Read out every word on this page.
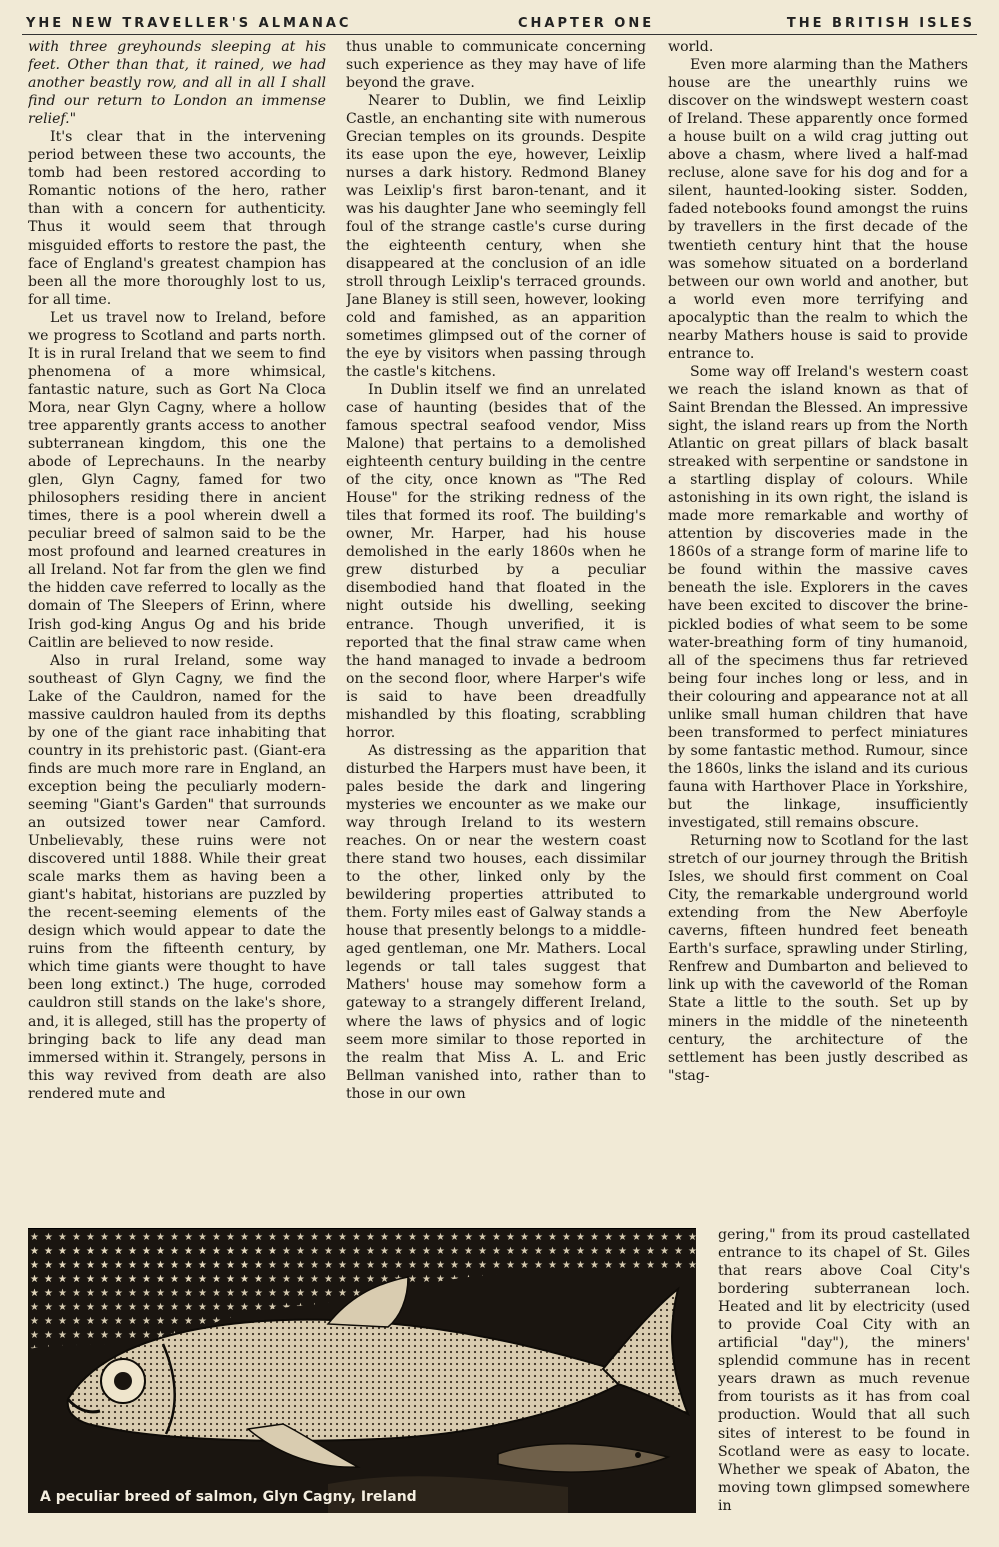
YHE NEW TRAVELLER'S ALMANAC	CHAPTER ONE	THE BRITISH ISLES

with three greyhounds sleeping at his feet. Other than that, it rained, we had another beastly row, and all in all I shall find our return to London an immense relief."

It's clear that in the intervening period between these two accounts, the tomb had been restored according to Romantic notions of the hero, rather than with a concern for authenticity. Thus it would seem that through misguided efforts to restore the past, the face of England's greatest champion has been all the more thoroughly lost to us, for all time.

Let us travel now to Ireland, before we progress to Scotland and parts north. It is in rural Ireland that we seem to find phenomena of a more whimsical, fantastic nature, such as Gort Na Cloca Mora, near Glyn Cagny, where a hollow tree apparently grants access to another subterranean kingdom, this one the abode of Leprechauns. In the nearby glen, Glyn Cagny, famed for two philosophers residing there in ancient times, there is a pool wherein dwell a peculiar breed of salmon said to be the most profound and learned creatures in all Ireland. Not far from the glen we find the hidden cave referred to locally as the domain of The Sleepers of Erinn, where Irish god-king Angus Og and his bride Caitlin are believed to now reside.

Also in rural Ireland, some way southeast of Glyn Cagny, we find the Lake of the Cauldron, named for the massive cauldron hauled from its depths by one of the giant race inhabiting that country in its prehistoric past. (Giant-era finds are much more rare in England, an exception being the peculiarly modern-seeming "Giant's Garden" that surrounds an outsized tower near Camford. Unbelievably, these ruins were not discovered until 1888. While their great scale marks them as having been a giant's habitat, historians are puzzled by the recent-seeming elements of the design which would appear to date the ruins from the fifteenth century, by which time giants were thought to have been long extinct.) The huge, corroded cauldron still stands on the lake's shore, and, it is alleged, still has the property of bringing back to life any dead man immersed within it. Strangely, persons in this way revived from death are also rendered mute and

thus unable to communicate concerning such experience as they may have of life beyond the grave.

Nearer to Dublin, we find Leixlip Castle, an enchanting site with numerous Grecian temples on its grounds. Despite its ease upon the eye, however, Leixlip nurses a dark history. Redmond Blaney was Leixlip's first baron-tenant, and it was his daughter Jane who seemingly fell foul of the strange castle's curse during the eighteenth century, when she disappeared at the conclusion of an idle stroll through Leixlip's terraced grounds. Jane Blaney is still seen, however, looking cold and famished, as an apparition sometimes glimpsed out of the corner of the eye by visitors when passing through the castle's kitchens.

In Dublin itself we find an unrelated case of haunting (besides that of the famous spectral seafood vendor, Miss Malone) that pertains to a demolished eighteenth century building in the centre of the city, once known as "The Red House" for the striking redness of the tiles that formed its roof. The building's owner, Mr. Harper, had his house demolished in the early 1860s when he grew disturbed by a peculiar disembodied hand that floated in the night outside his dwelling, seeking entrance. Though unverified, it is reported that the final straw came when the hand managed to invade a bedroom on the second floor, where Harper's wife is said to have been dreadfully mishandled by this floating, scrabbling horror.

As distressing as the apparition that disturbed the Harpers must have been, it pales beside the dark and lingering mysteries we encounter as we make our way through Ireland to its western reaches. On or near the western coast there stand two houses, each dissimilar to the other, linked only by the bewildering properties attributed to them. Forty miles east of Galway stands a house that presently belongs to a middle-aged gentleman, one Mr. Mathers. Local legends or tall tales suggest that Mathers' house may somehow form a gateway to a strangely different Ireland, where the laws of physics and of logic seem more similar to those reported in the realm that Miss A. L. and Eric Bellman vanished into, rather than to those in our own

world.

Even more alarming than the Mathers house are the unearthly ruins we discover on the windswept western coast of Ireland. These apparently once formed a house built on a wild crag jutting out above a chasm, where lived a half-mad recluse, alone save for his dog and for a silent, haunted-looking sister. Sodden, faded notebooks found amongst the ruins by travellers in the first decade of the twentieth century hint that the house was somehow situated on a borderland between our own world and another, but a world even more terrifying and apocalyptic than the realm to which the nearby Mathers house is said to provide entrance to.

Some way off Ireland's western coast we reach the island known as that of Saint Brendan the Blessed. An impressive sight, the island rears up from the North Atlantic on great pillars of black basalt streaked with serpentine or sandstone in a startling display of colours. While astonishing in its own right, the island is made more remarkable and worthy of attention by discoveries made in the 1860s of a strange form of marine life to be found within the massive caves beneath the isle. Explorers in the caves have been excited to discover the brine-pickled bodies of what seem to be some water-breathing form of tiny humanoid, all of the specimens thus far retrieved being four inches long or less, and in their colouring and appearance not at all unlike small human children that have been transformed to perfect miniatures by some fantastic method. Rumour, since the 1860s, links the island and its curious fauna with Harthover Place in Yorkshire, but the linkage, insufficiently investigated, still remains obscure.

Returning now to Scotland for the last stretch of our journey through the British Isles, we should first comment on Coal City, the remarkable underground world extending from the New Aberfoyle caverns, fifteen hundred feet beneath Earth's surface, sprawling under Stirling, Renfrew and Dumbarton and believed to link up with the caveworld of the Roman State a little to the south. Set up by miners in the middle of the nineteenth century, the architecture of the settlement has been justly described as "stag-

gering," from its proud castellated entrance to its chapel of St. Giles that rears above Coal City's bordering subterranean loch. Heated and lit by electricity (used to provide Coal City with an artificial "day"), the miners' splendid commune has in recent years drawn as much revenue from tourists as it has from coal production. Would that all such sites of interest to be found in Scotland were as easy to locate. Whether we speak of Abaton, the moving town glimpsed somewhere in

A peculiar breed of salmon, Glyn Cagny, Ireland
